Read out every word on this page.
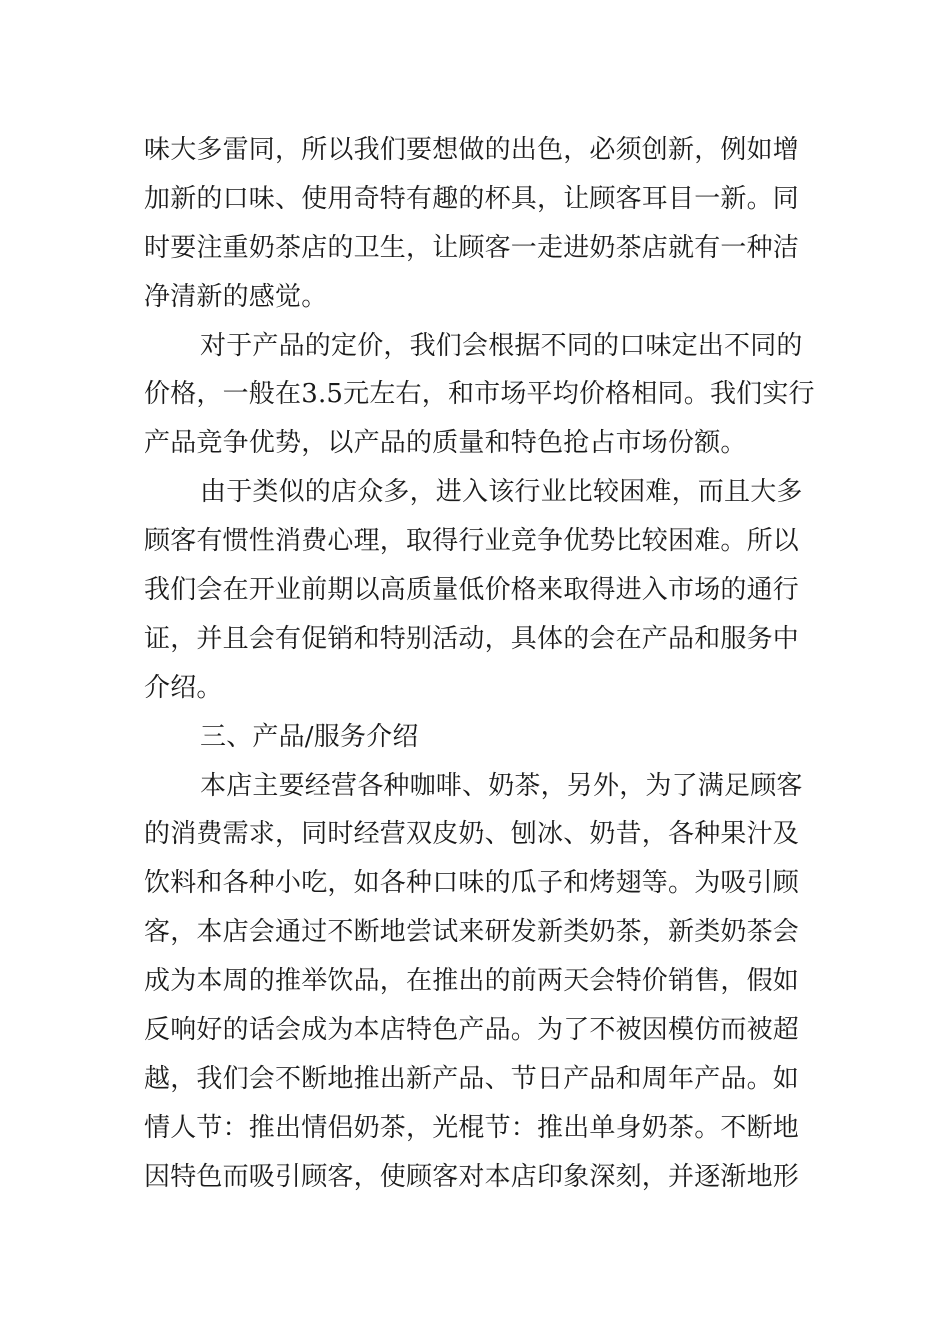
味大多雷同，所以我们要想做的出色，必须创新，例如增
加新的口味、使用奇特有趣的杯具，让顾客耳目一新。同
时要注重奶茶店的卫生，让顾客一走进奶茶店就有一种洁
净清新的感觉。
对于产品的定价，我们会根据不同的口味定出不同的
价格，一般在3.5元左右，和市场平均价格相同。我们实行
产品竞争优势，以产品的质量和特色抢占市场份额。
由于类似的店众多，进入该行业比较困难，而且大多
顾客有惯性消费心理，取得行业竞争优势比较困难。所以
我们会在开业前期以高质量低价格来取得进入市场的通行
证，并且会有促销和特别活动，具体的会在产品和服务中
介绍。
三、产品/服务介绍
本店主要经营各种咖啡、奶茶，另外，为了满足顾客
的消费需求，同时经营双皮奶、刨冰、奶昔，各种果汁及
饮料和各种小吃，如各种口味的瓜子和烤翅等。为吸引顾
客，本店会通过不断地尝试来研发新类奶茶，新类奶茶会
成为本周的推举饮品，在推出的前两天会特价销售，假如
反响好的话会成为本店特色产品。为了不被因模仿而被超
越，我们会不断地推出新产品、节日产品和周年产品。如
情人节：推出情侣奶茶，光棍节：推出单身奶茶。不断地
因特色而吸引顾客，使顾客对本店印象深刻，并逐渐地形
